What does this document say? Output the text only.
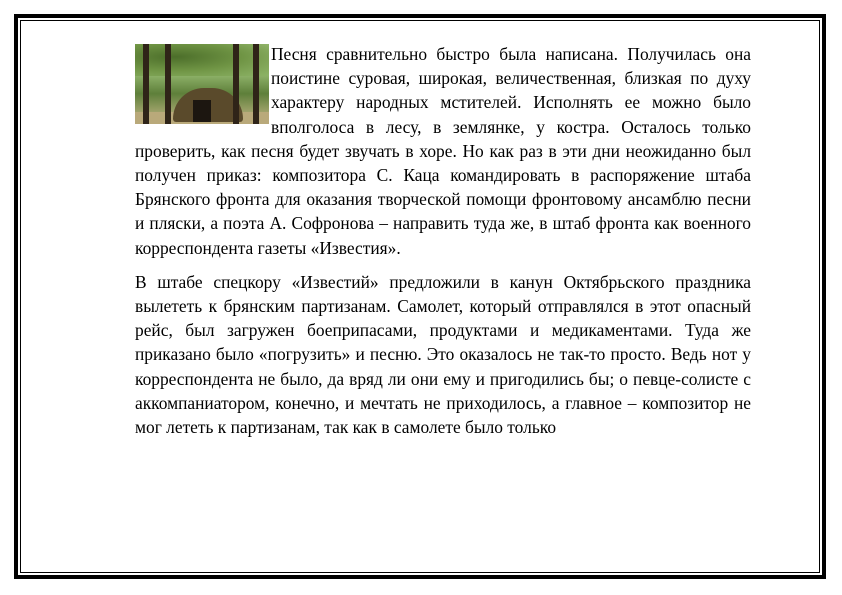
Песня сравнительно быстро была написана. Получилась она поистине суровая, широкая, величественная, близкая по духу характеру народных мстителей. Исполнять ее можно было вполголоса в лесу, в землянке, у костра. Осталось только проверить, как песня будет звучать в хоре. Но как раз в эти дни неожиданно был получен приказ: композитора С. Каца командировать в распоряжение штаба Брянского фронта для оказания творческой помощи фронтовому ансамблю песни и пляски, а поэта А. Софронова – направить туда же, в штаб фронта как военного корреспондента газеты «Известия».

В штабе спецкору «Известий» предложили в канун Октябрьского праздника вылететь к брянским партизанам. Самолет, который отправлялся в этот опасный рейс, был загружен боеприпасами, продуктами и медикаментами. Туда же приказано было «погрузить» и песню. Это оказалось не так-то просто. Ведь нот у корреспондента не было, да вряд ли они ему и пригодились бы; о певце-солисте с аккомпаниатором, конечно, и мечтать не приходилось, а главное – композитор не мог лететь к партизанам, так как в самолете было только
